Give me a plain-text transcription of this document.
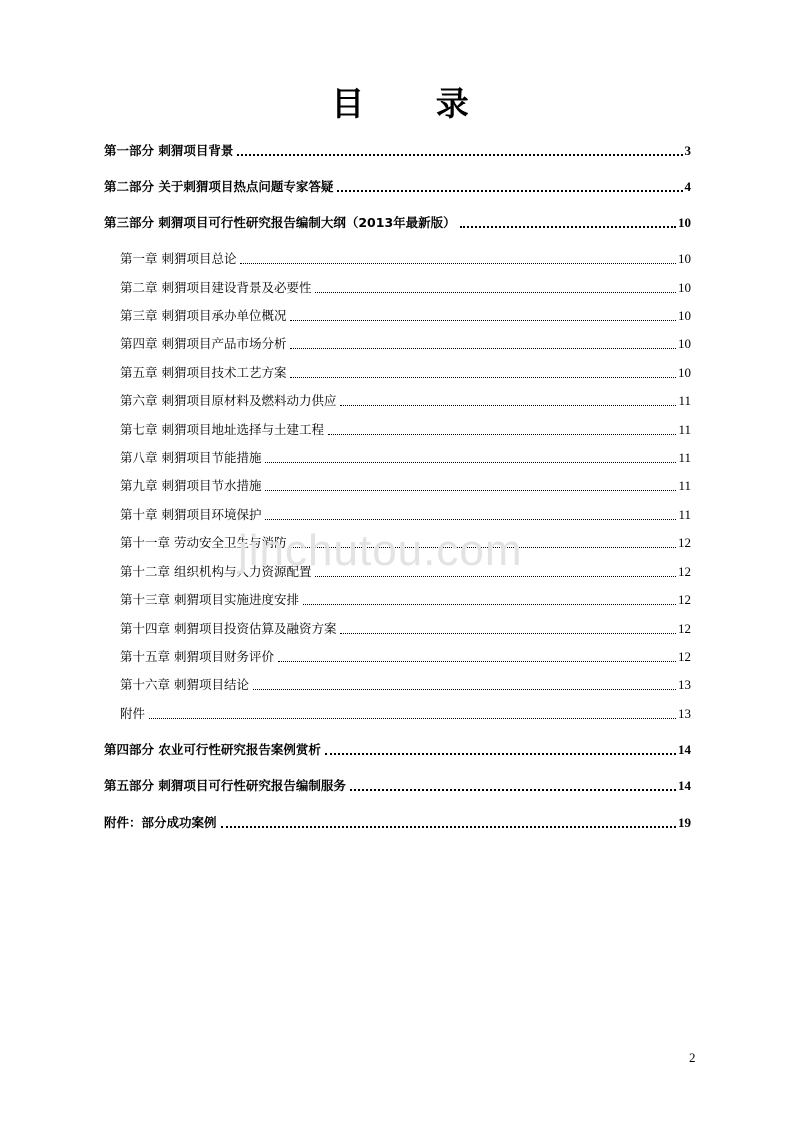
目 录
第一部分 刺猬项目背景	3
第二部分 关于刺猬项目热点问题专家答疑	4
第三部分 刺猬项目可行性研究报告编制大纲（2013年最新版）	10
第一章 刺猬项目总论	10
第二章 刺猬项目建设背景及必要性	10
第三章 刺猬项目承办单位概况	10
第四章 刺猬项目产品市场分析	10
第五章 刺猬项目技术工艺方案	10
第六章 刺猬项目原材料及燃料动力供应	11
第七章 刺猬项目地址选择与土建工程	11
第八章 刺猬项目节能措施	11
第九章 刺猬项目节水措施	11
第十章 刺猬项目环境保护	11
第十一章 劳动安全卫生与消防	12
第十二章 组织机构与人力资源配置	12
第十三章 刺猬项目实施进度安排	12
第十四章 刺猬项目投资估算及融资方案	12
第十五章 刺猬项目财务评价	12
第十六章 刺猬项目结论	13
附件	13
第四部分 农业可行性研究报告案例赏析	14
第五部分 刺猬项目可行性研究报告编制服务	14
附件：部分成功案例	19
jinchutou.com
2
